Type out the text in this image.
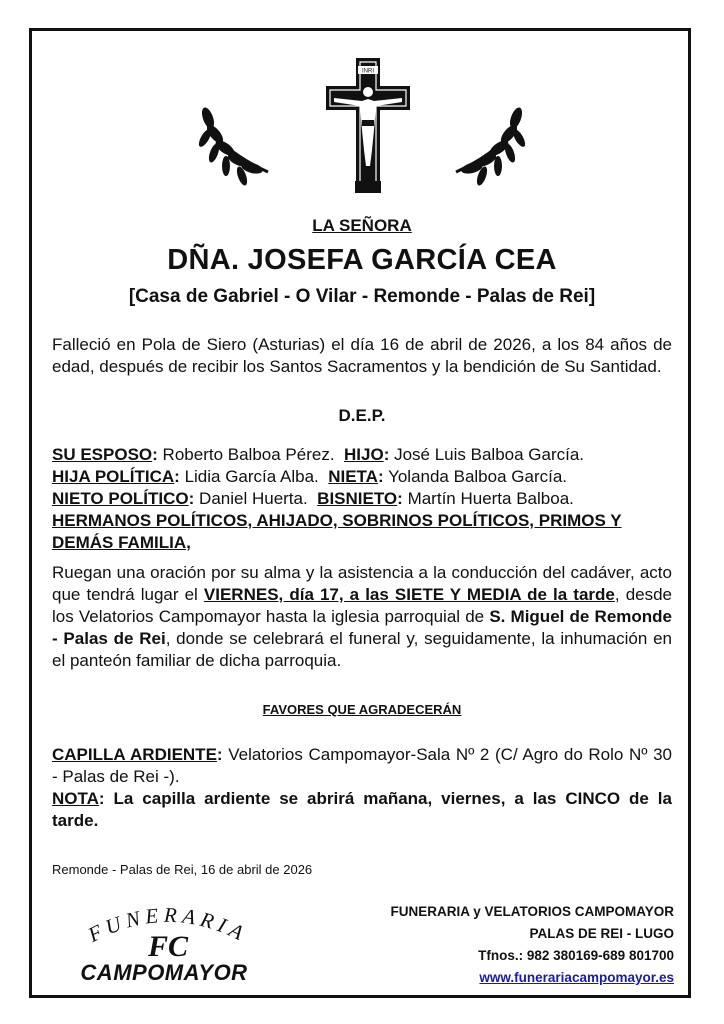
INRI
LA SEÑORA
DÑA. JOSEFA GARCÍA CEA
[Casa de Gabriel - O Vilar - Remonde - Palas de Rei]
Falleció en Pola de Siero (Asturias) el día 16 de abril de 2026, a los 84 años de edad, después de recibir los Santos Sacramentos y la bendición de Su Santidad.
D.E.P.
SU ESPOSO: Roberto Balboa Pérez. HIJO: José Luis Balboa García.
HIJA POLÍTICA: Lidia García Alba. NIETA: Yolanda Balboa García.
NIETO POLÍTICO: Daniel Huerta. BISNIETO: Martín Huerta Balboa.
HERMANOS POLÍTICOS, AHIJADO, SOBRINOS POLÍTICOS, PRIMOS Y DEMÁS FAMILIA,
Ruegan una oración por su alma y la asistencia a la conducción del cadáver, acto que tendrá lugar el VIERNES, día 17, a las SIETE Y MEDIA de la tarde, desde los Velatorios Campomayor hasta la iglesia parroquial de S. Miguel de Remonde - Palas de Rei, donde se celebrará el funeral y, seguidamente, la inhumación en el panteón familiar de dicha parroquia.
FAVORES QUE AGRADECERÁN
CAPILLA ARDIENTE: Velatorios Campomayor-Sala Nº 2 (C/ Agro do Rolo Nº 30 - Palas de Rei -).
NOTA: La capilla ardiente se abrirá mañana, viernes, a las CINCO de la tarde.
Remonde - Palas de Rei, 16 de abril de 2026
FUNERARIA
FC
CAMPOMAYOR
FUNERARIA y VELATORIOS CAMPOMAYOR
PALAS DE REI - LUGO
Tfnos.: 982 380169-689 801700
www.funerariacampomayor.es
